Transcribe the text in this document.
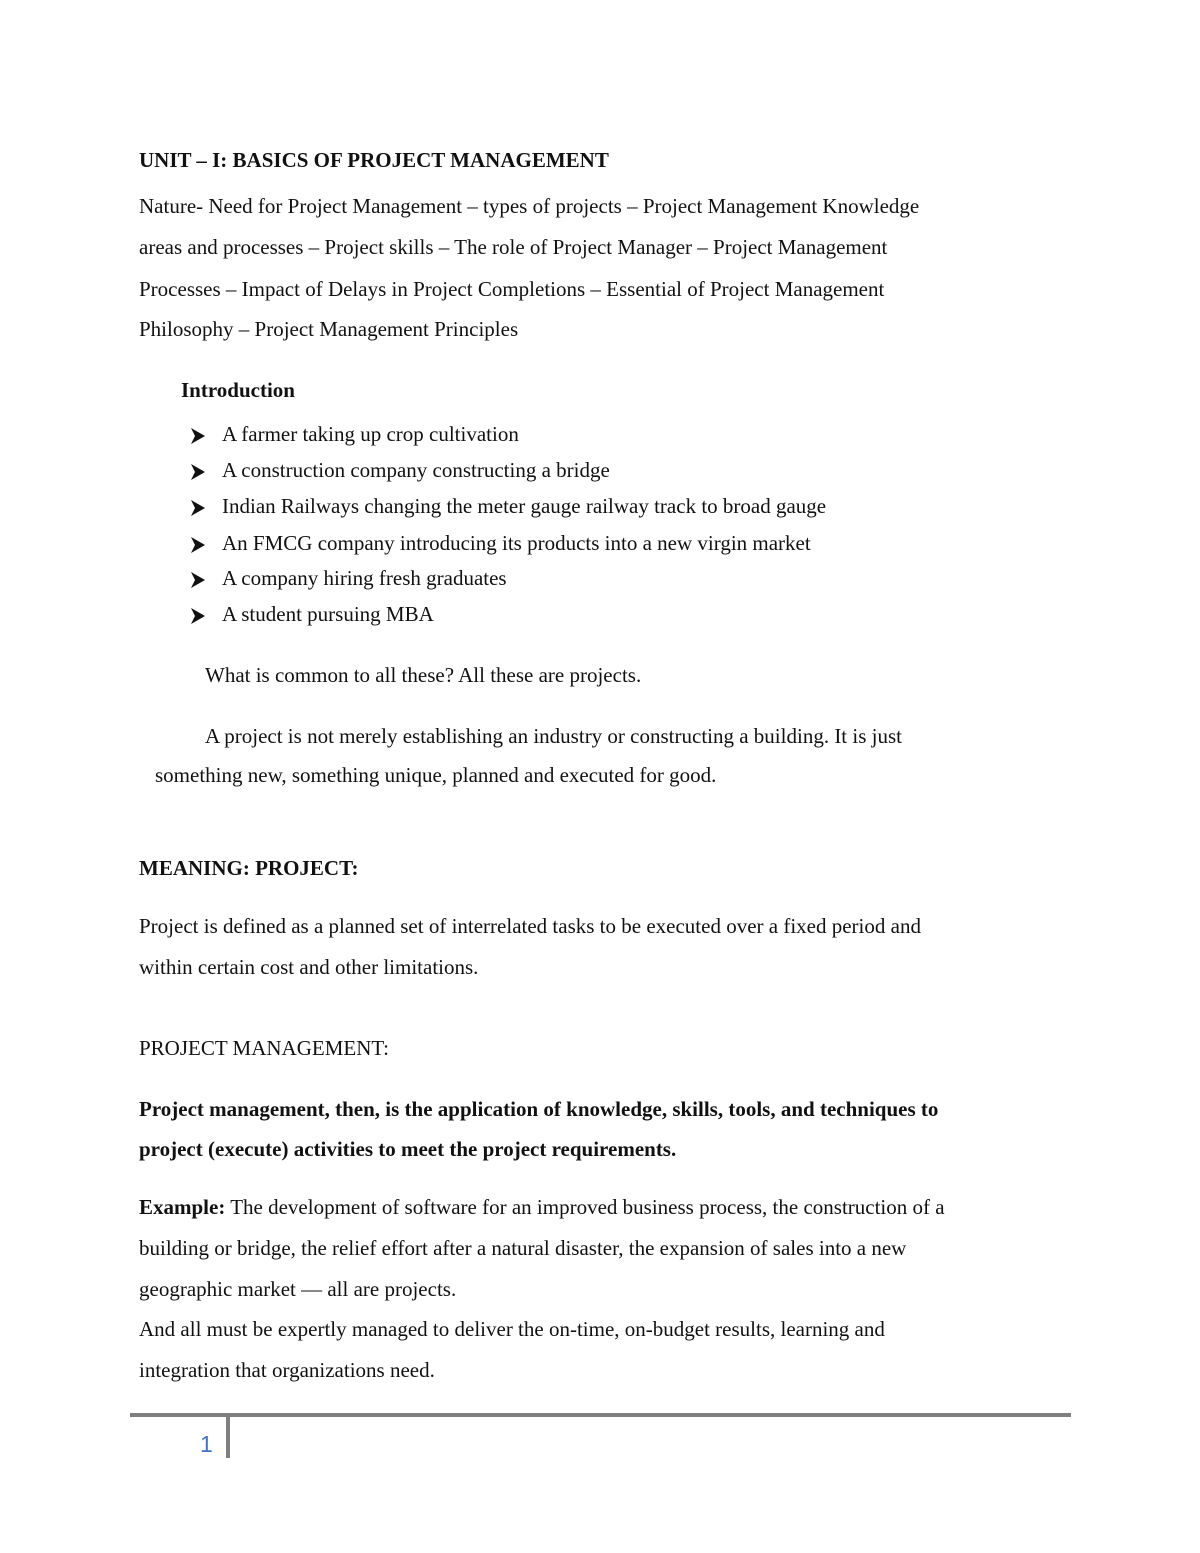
UNIT – I: BASICS OF PROJECT MANAGEMENT

Nature- Need for Project Management – types of projects – Project Management Knowledge

areas and processes – Project skills – The role of Project Manager – Project Management

Processes – Impact of Delays in Project Completions – Essential of Project Management

Philosophy – Project Management Principles

Introduction

A farmer taking up crop cultivation

A construction company constructing a bridge

Indian Railways changing the meter gauge railway track to broad gauge

An FMCG company introducing its products into a new virgin market

A company hiring fresh graduates

A student pursuing MBA

What is common to all these? All these are projects.

A project is not merely establishing an industry or constructing a building. It is just

something new, something unique, planned and executed for good.

MEANING: PROJECT:

Project is defined as a planned set of interrelated tasks to be executed over a fixed period and

within certain cost and other limitations.

PROJECT MANAGEMENT:

Project management, then, is the application of knowledge, skills, tools, and techniques to

project (execute) activities to meet the project requirements.

Example: The development of software for an improved business process, the construction of a

building or bridge, the relief effort after a natural disaster, the expansion of sales into a new

geographic market — all are projects.

And all must be expertly managed to deliver the on-time, on-budget results, learning and

integration that organizations need.

1
